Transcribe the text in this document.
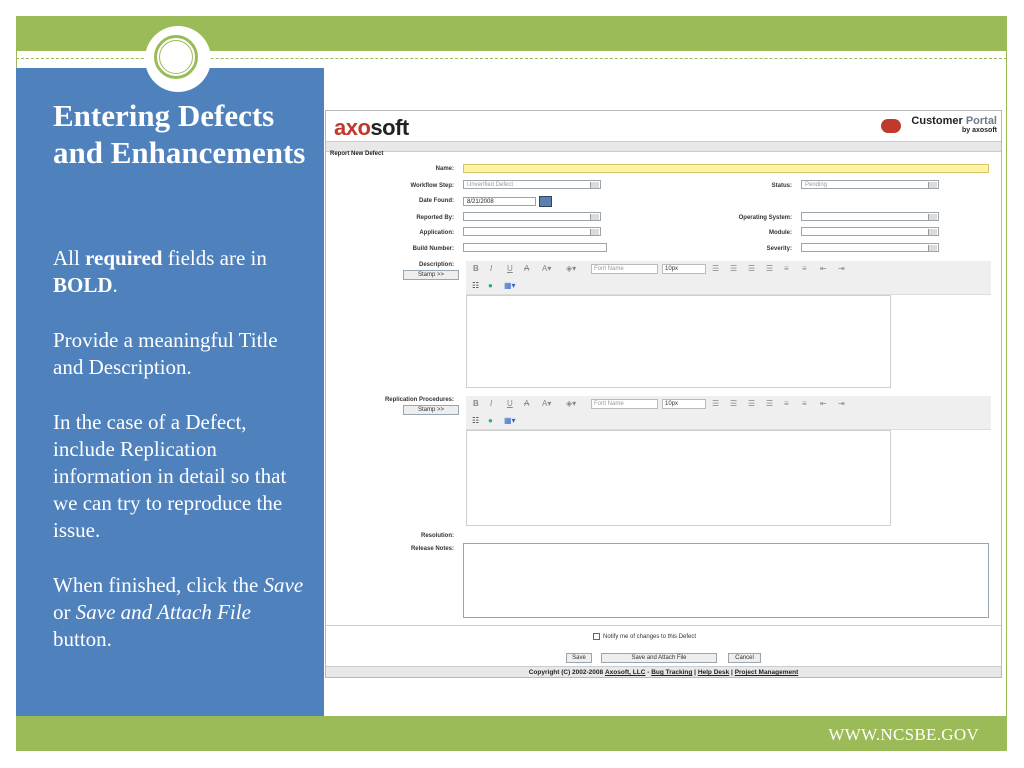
Entering Defects and Enhancements

All required fields are in BOLD.

Provide a meaningful Title and Description.

In the case of a Defect, include Replication information in detail so that we can try to reproduce the issue.

When finished, click the Save or Save and Attach File button.

WWW.NCSBE.GOV
axosoft	Customer Portal
by axosoft
Report New Defect
Name:
Workflow Step:	Unverified Defect	Status:	Pending
Date Found:	8/21/2008
Reported By:	Operating System:
Application:	Module:
Build Number:	Severity:
Description:
Stamp >>
B I U A A▾ ◈▾	Font Name	10px	☰ ☰ ☰ ☰ ≡ ≡ ⇤ ⇥
☷ ● ▦▾
Replication Procedures:
Stamp >>
B I U A A▾ ◈▾	Font Name	10px	☰ ☰ ☰ ☰ ≡ ≡ ⇤ ⇥
☷ ● ▦▾
Resolution:
Release Notes:
Notify me of changes to this Defect
Save	Save and Attach File	Cancel
Copyright (C) 2002-2008 Axosoft, LLC - Bug Tracking | Help Desk | Project Management
